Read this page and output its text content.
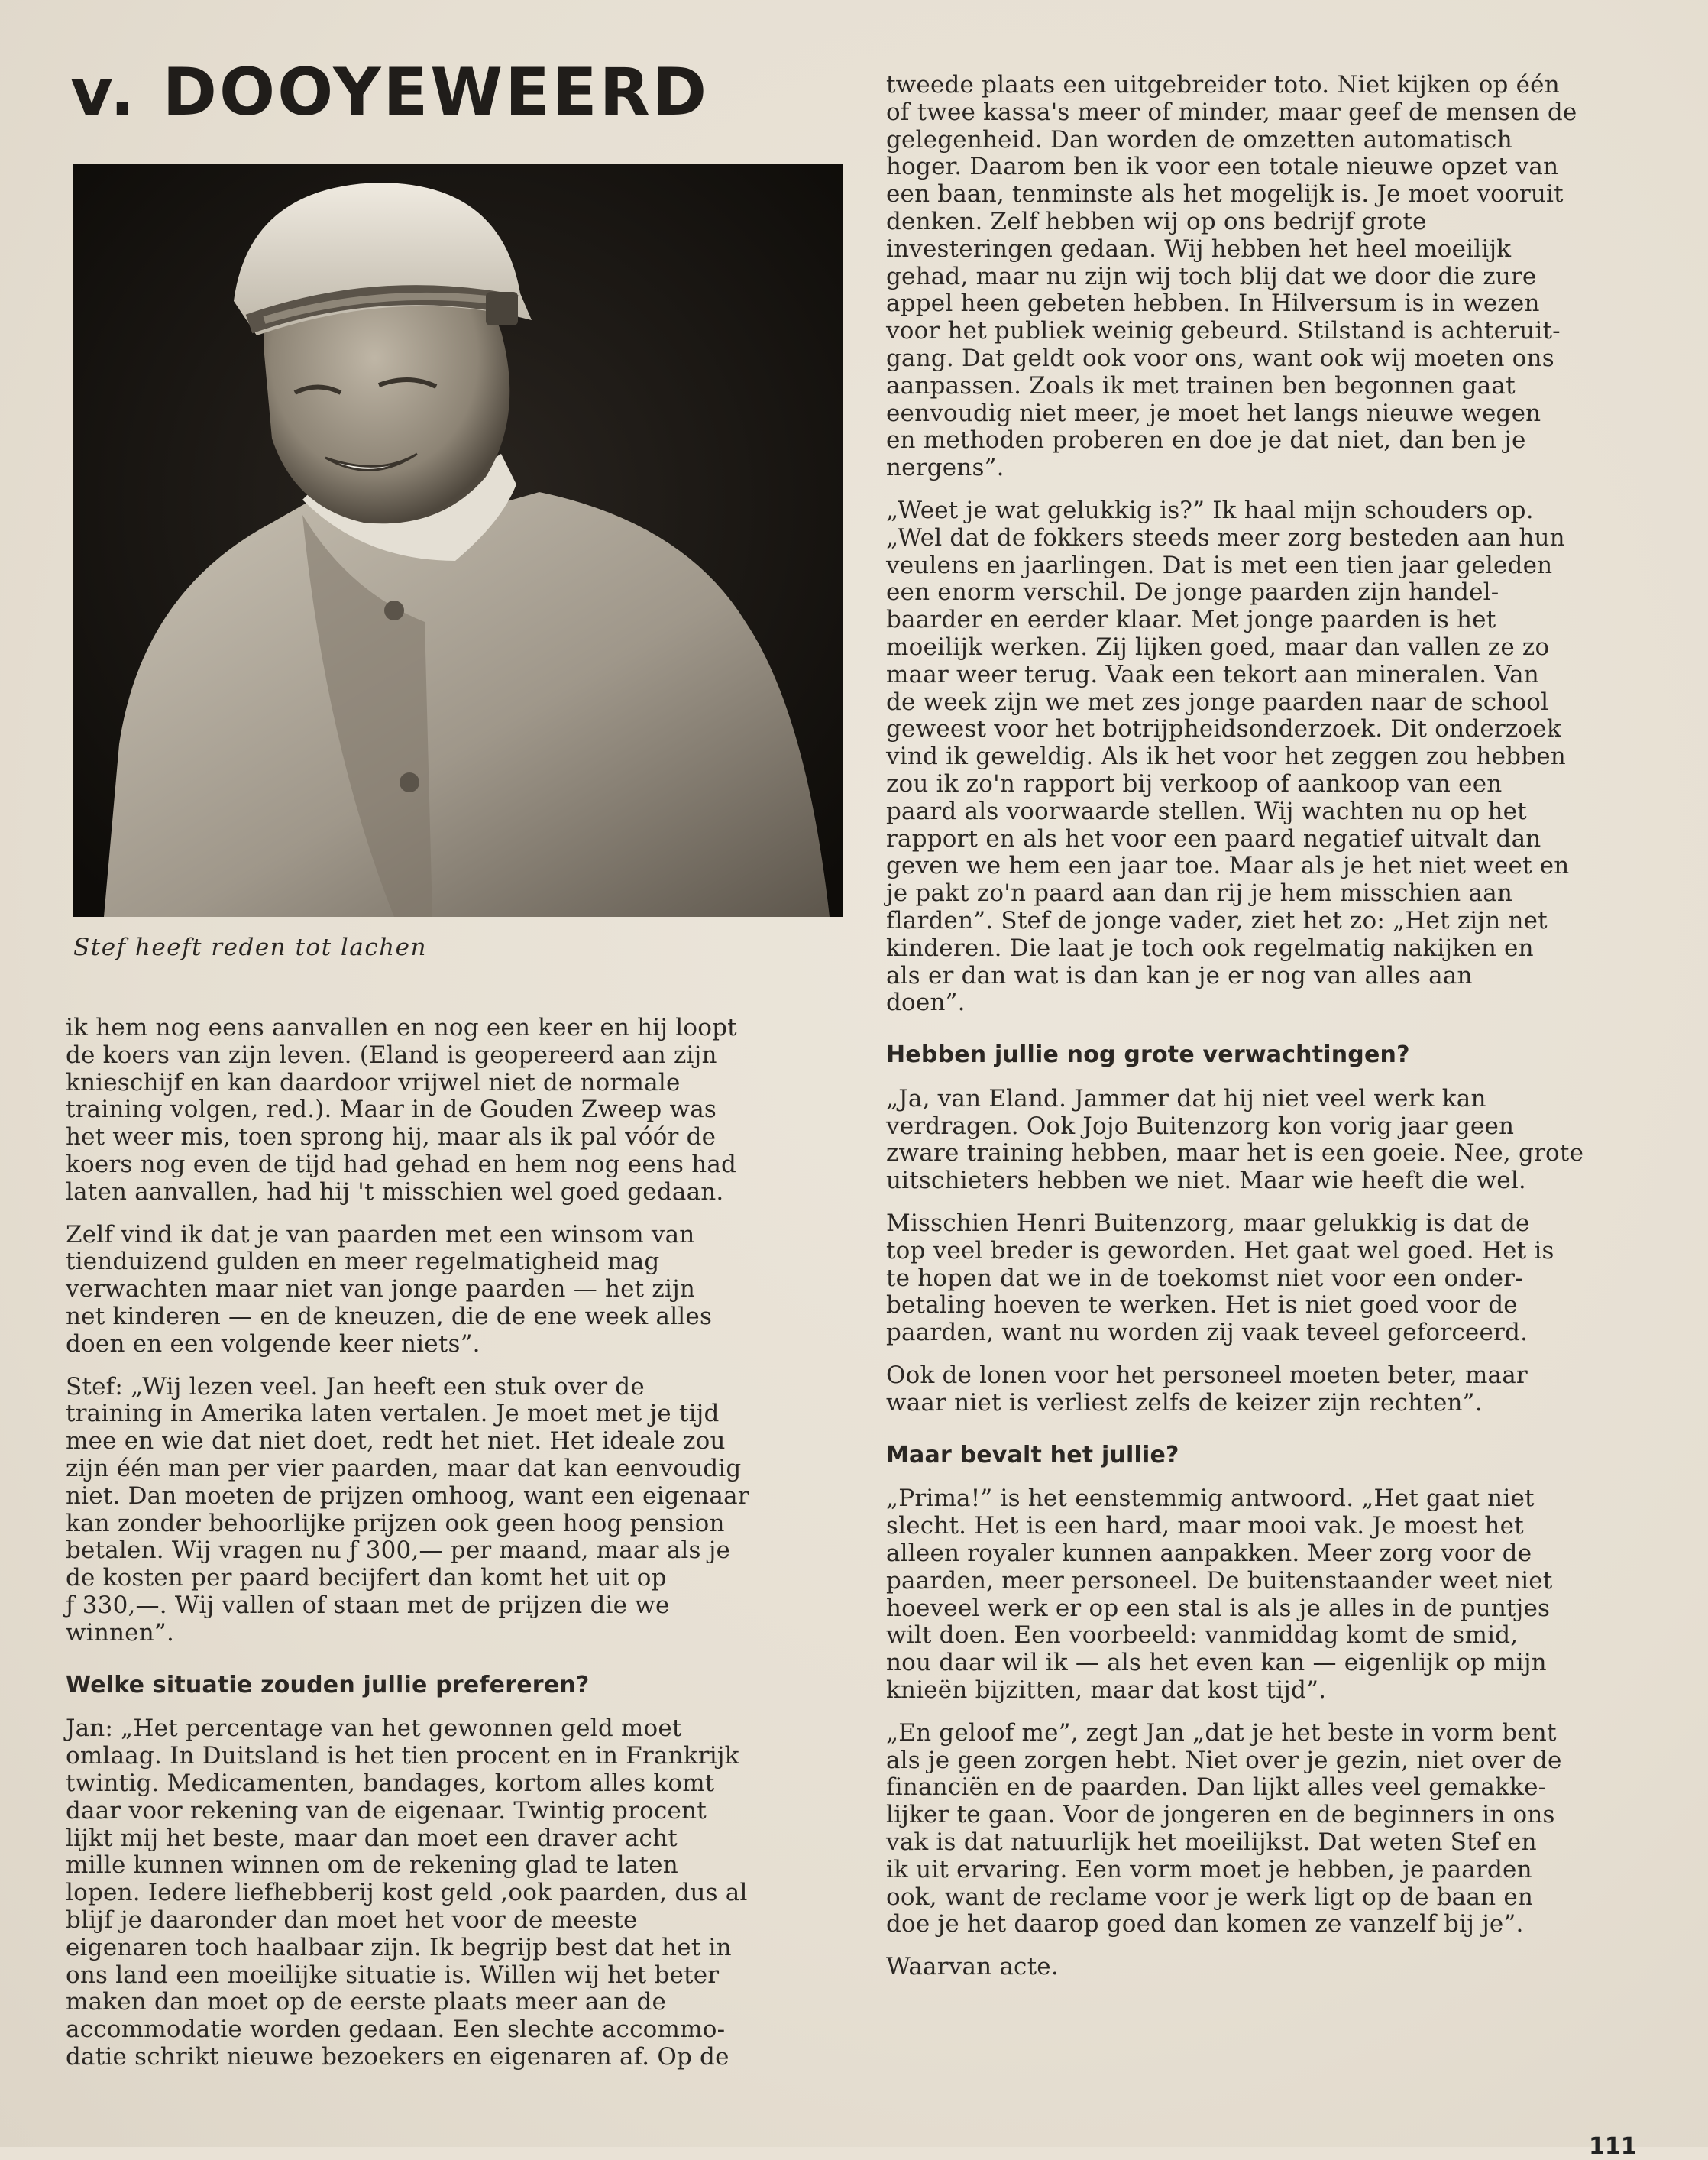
v. DOOYEWEERD
Stef heeft reden tot lachen

ik hem nog eens aanvallen en nog een keer en hij loopt
de koers van zijn leven. (Eland is geopereerd aan zijn
knieschijf en kan daardoor vrijwel niet de normale
training volgen, red.). Maar in de Gouden Zweep was
het weer mis, toen sprong hij, maar als ik pal vóór de
koers nog even de tijd had gehad en hem nog eens had
laten aanvallen, had hij 't misschien wel goed gedaan.

Zelf vind ik dat je van paarden met een winsom van
tienduizend gulden en meer regelmatigheid mag
verwachten maar niet van jonge paarden — het zijn
net kinderen — en de kneuzen, die de ene week alles
doen en een volgende keer niets”.

Stef: „Wij lezen veel. Jan heeft een stuk over de
training in Amerika laten vertalen. Je moet met je tijd
mee en wie dat niet doet, redt het niet. Het ideale zou
zijn één man per vier paarden, maar dat kan eenvoudig
niet. Dan moeten de prijzen omhoog, want een eigenaar
kan zonder behoorlijke prijzen ook geen hoog pension
betalen. Wij vragen nu ƒ 300,— per maand, maar als je
de kosten per paard becijfert dan komt het uit op
ƒ 330,—. Wij vallen of staan met de prijzen die we
winnen”.

Welke situatie zouden jullie prefereren?

Jan: „Het percentage van het gewonnen geld moet
omlaag. In Duitsland is het tien procent en in Frankrijk
twintig. Medicamenten, bandages, kortom alles komt
daar voor rekening van de eigenaar. Twintig procent
lijkt mij het beste, maar dan moet een draver acht
mille kunnen winnen om de rekening glad te laten
lopen. Iedere liefhebberij kost geld ,ook paarden, dus al
blijf je daaronder dan moet het voor de meeste
eigenaren toch haalbaar zijn. Ik begrijp best dat het in
ons land een moeilijke situatie is. Willen wij het beter
maken dan moet op de eerste plaats meer aan de
accommodatie worden gedaan. Een slechte accommo-
datie schrikt nieuwe bezoekers en eigenaren af. Op de

tweede plaats een uitgebreider toto. Niet kijken op één
of twee kassa's meer of minder, maar geef de mensen de
gelegenheid. Dan worden de omzetten automatisch
hoger. Daarom ben ik voor een totale nieuwe opzet van
een baan, tenminste als het mogelijk is. Je moet vooruit
denken. Zelf hebben wij op ons bedrijf grote
investeringen gedaan. Wij hebben het heel moeilijk
gehad, maar nu zijn wij toch blij dat we door die zure
appel heen gebeten hebben. In Hilversum is in wezen
voor het publiek weinig gebeurd. Stilstand is achteruit-
gang. Dat geldt ook voor ons, want ook wij moeten ons
aanpassen. Zoals ik met trainen ben begonnen gaat
eenvoudig niet meer, je moet het langs nieuwe wegen
en methoden proberen en doe je dat niet, dan ben je
nergens”.

„Weet je wat gelukkig is?” Ik haal mijn schouders op.
„Wel dat de fokkers steeds meer zorg besteden aan hun
veulens en jaarlingen. Dat is met een tien jaar geleden
een enorm verschil. De jonge paarden zijn handel-
baarder en eerder klaar. Met jonge paarden is het
moeilijk werken. Zij lijken goed, maar dan vallen ze zo
maar weer terug. Vaak een tekort aan mineralen. Van
de week zijn we met zes jonge paarden naar de school
geweest voor het botrijpheidsonderzoek. Dit onderzoek
vind ik geweldig. Als ik het voor het zeggen zou hebben
zou ik zo'n rapport bij verkoop of aankoop van een
paard als voorwaarde stellen. Wij wachten nu op het
rapport en als het voor een paard negatief uitvalt dan
geven we hem een jaar toe. Maar als je het niet weet en
je pakt zo'n paard aan dan rij je hem misschien aan
flarden”. Stef de jonge vader, ziet het zo: „Het zijn net
kinderen. Die laat je toch ook regelmatig nakijken en
als er dan wat is dan kan je er nog van alles aan
doen”.

Hebben jullie nog grote verwachtingen?

„Ja, van Eland. Jammer dat hij niet veel werk kan
verdragen. Ook Jojo Buitenzorg kon vorig jaar geen
zware training hebben, maar het is een goeie. Nee, grote
uitschieters hebben we niet. Maar wie heeft die wel.

Misschien Henri Buitenzorg, maar gelukkig is dat de
top veel breder is geworden. Het gaat wel goed. Het is
te hopen dat we in de toekomst niet voor een onder-
betaling hoeven te werken. Het is niet goed voor de
paarden, want nu worden zij vaak teveel geforceerd.

Ook de lonen voor het personeel moeten beter, maar
waar niet is verliest zelfs de keizer zijn rechten”.

Maar bevalt het jullie?

„Prima!” is het eenstemmig antwoord. „Het gaat niet
slecht. Het is een hard, maar mooi vak. Je moest het
alleen royaler kunnen aanpakken. Meer zorg voor de
paarden, meer personeel. De buitenstaander weet niet
hoeveel werk er op een stal is als je alles in de puntjes
wilt doen. Een voorbeeld: vanmiddag komt de smid,
nou daar wil ik — als het even kan — eigenlijk op mijn
knieën bijzitten, maar dat kost tijd”.

„En geloof me”, zegt Jan „dat je het beste in vorm bent
als je geen zorgen hebt. Niet over je gezin, niet over de
financiën en de paarden. Dan lijkt alles veel gemakke-
lijker te gaan. Voor de jongeren en de beginners in ons
vak is dat natuurlijk het moeilijkst. Dat weten Stef en
ik uit ervaring. Een vorm moet je hebben, je paarden
ook, want de reclame voor je werk ligt op de baan en
doe je het daarop goed dan komen ze vanzelf bij je”.

Waarvan acte.

111
